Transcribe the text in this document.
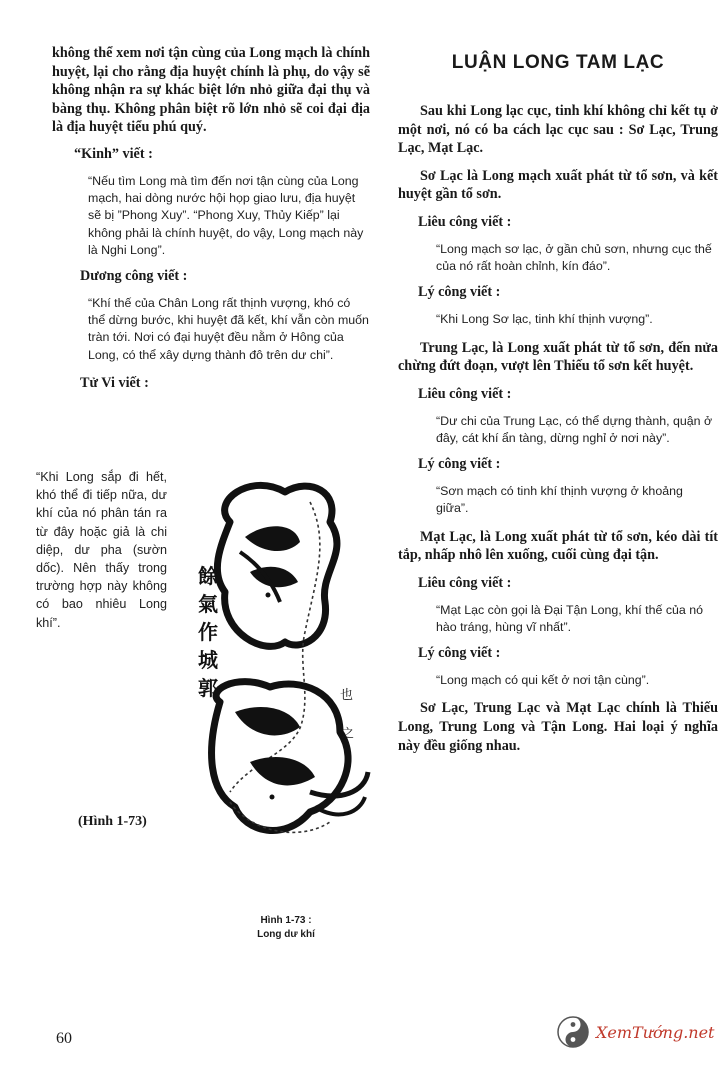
không thể xem nơi tận cùng của Long mạch là chính huyệt, lại cho rằng địa huyệt chính là phụ, do vậy sẽ không nhận ra sự khác biệt lớn nhỏ giữa đại thụ và bàng thụ. Không phân biệt rõ lớn nhỏ sẽ coi đại địa là địa huyệt tiểu phú quý.

“Kinh” viết :

“Nếu tìm Long mà tìm đến nơi tận cùng của Long mạch, hai dòng nước hội họp giao lưu, địa huyệt sẽ bị ”Phong Xuy”. “Phong Xuy, Thủy Kiếp” lại không phải là chính huyệt, do vậy, Long mạch này là Nghi Long”.

Dương công viết :

“Khí thế của Chân Long rất thịnh vượng, khó có thể dừng bước, khi huyệt đã kết, khí vẫn còn muốn tràn tới. Nơi có đại huyệt đều nằm ở Hông của Long, có thể xây dựng thành đô trên dư chi”.

Tử Vi viết :

“Khi Long sắp đi hết, khó thể đi tiếp nữa, dư khí của nó phân tán ra từ đây hoặc giả là chi diệp, dư pha (sườn dốc). Nên thấy trong trường hợp này không có bao nhiêu Long khí”.
(Hình 1-73)
餘氣作城郭	也
之
Hình 1-73 :
Long dư khí

LUẬN LONG TAM LẠC

Sau khi Long lạc cục, tinh khí không chỉ kết tụ ở một nơi, nó có ba cách lạc cục sau : Sơ Lạc, Trung Lạc, Mạt Lạc.

Sơ Lạc là Long mạch xuất phát từ tổ sơn, và kết huyệt gần tổ sơn.

Liêu công viết :

“Long mạch sơ lạc, ở gần chủ sơn, nhưng cục thế của nó rất hoàn chỉnh, kín đáo”.

Lý công viết :

“Khi Long Sơ lạc, tinh khí thịnh vượng”.

Trung Lạc, là Long xuất phát từ tổ sơn, đến nửa chừng đứt đoạn, vượt lên Thiếu tổ sơn kết huyệt.

Liêu công viết :

“Dư chi của Trung Lạc, có thể dựng thành, quận ở đây, cát khí ẩn tàng, dừng nghỉ ở nơi này”.

Lý công viết :

“Sơn mạch có tinh khí thịnh vượng ở khoảng giữa”.

Mạt Lạc, là Long xuất phát từ tổ sơn, kéo dài tít tắp, nhấp nhô lên xuống, cuối cùng đại tận.

Liêu công viết :

“Mạt Lạc còn gọi là Đại Tận Long, khí thế của nó hào tráng, hùng vĩ nhất”.

Lý công viết :

“Long mạch có qui kết ở nơi tận cùng”.

Sơ Lạc, Trung Lạc và Mạt Lạc chính là Thiếu Long, Trung Long và Tận Long. Hai loại ý nghĩa này đều giống nhau.

60	XemTướng.net
